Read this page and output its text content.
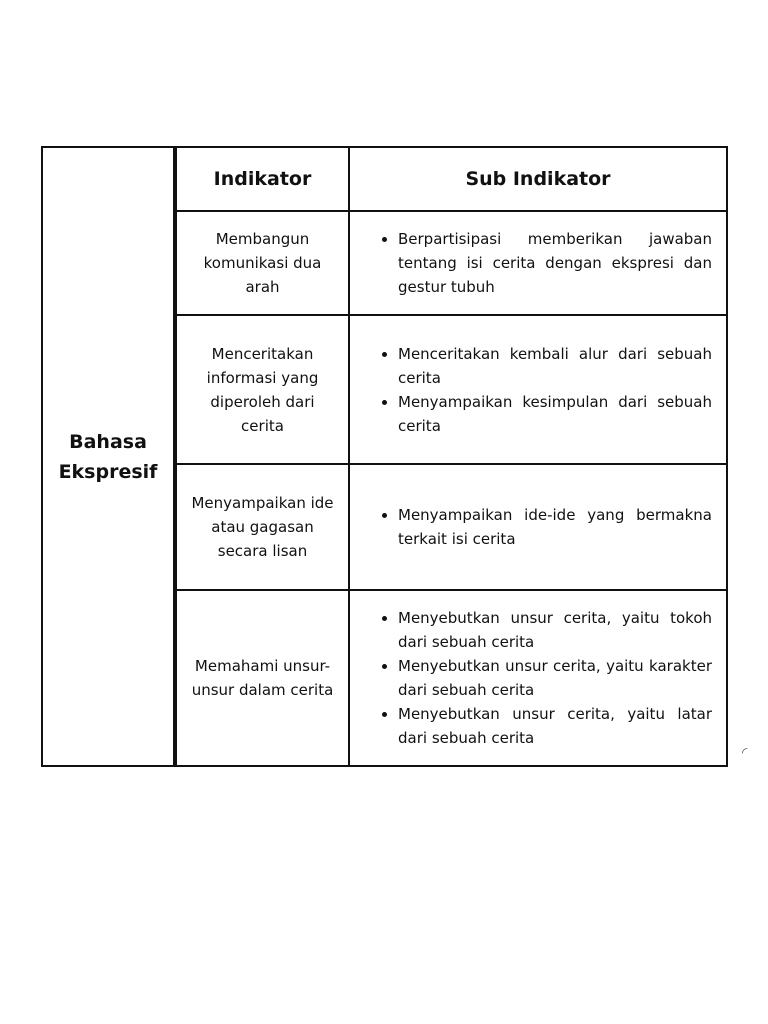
Bahasa Ekspresif
Indikator	Sub Indikator
Membangun komunikasi dua arah
• Berpartisipasi memberikan jawaban tentang isi cerita dengan ekspresi dan gestur tubuh
Menceritakan informasi yang diperoleh dari cerita
• Menceritakan kembali alur dari sebuah cerita
• Menyampaikan kesimpulan dari sebuah cerita
Menyampaikan ide atau gagasan secara lisan
• Menyampaikan ide-ide yang bermakna terkait isi cerita
Memahami unsur- unsur dalam cerita
• Menyebutkan unsur cerita, yaitu tokoh dari sebuah cerita
• Menyebutkan unsur cerita, yaitu karakter dari sebuah cerita
• Menyebutkan unsur cerita, yaitu latar dari sebuah cerita
◜
